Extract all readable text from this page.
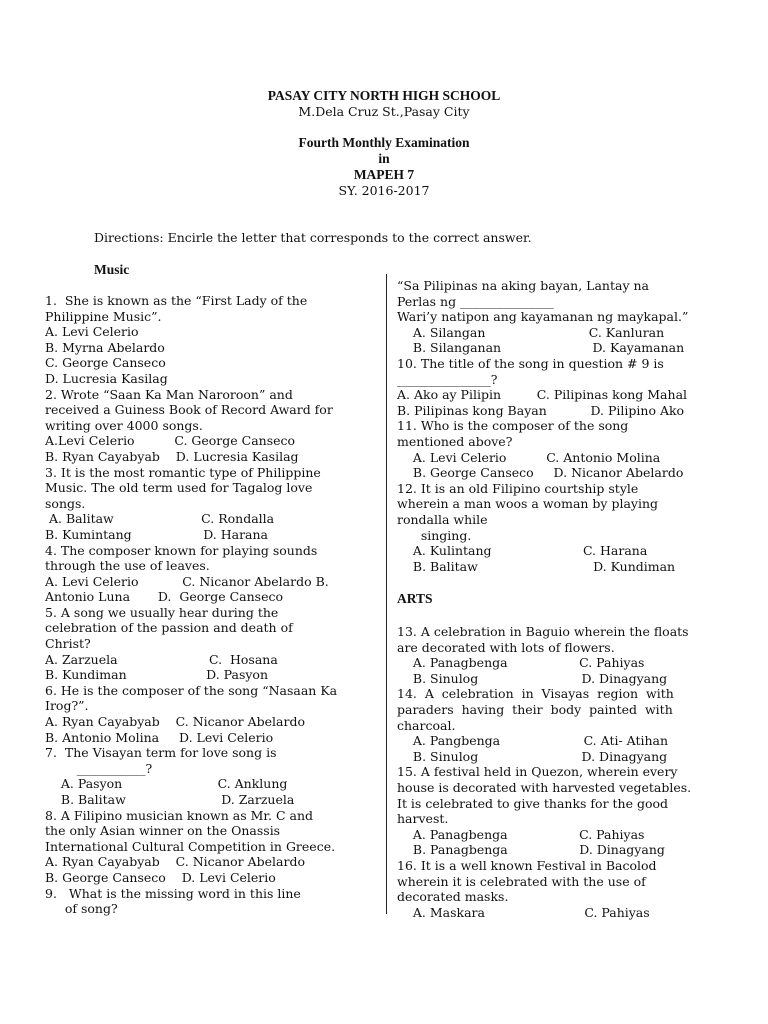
PASAY CITY NORTH HIGH SCHOOL
M.Dela Cruz St.,Pasay City
Fourth Monthly Examination
in
MAPEH 7
SY. 2016-2017
Directions: Encirle the letter that corresponds to the correct answer.
Music
1.  She is known as the “First Lady of the
Philippine Music”.
A. Levi Celerio
B. Myrna Abelardo
C. George Canseco
D. Lucresia Kasilag
2. Wrote “Saan Ka Man Naroroon” and
received a Guiness Book of Record Award for
writing over 4000 songs.
A.Levi Celerio          C. George Canseco
B. Ryan Cayabyab    D. Lucresia Kasilag
3. It is the most romantic type of Philippine
Music. The old term used for Tagalog love
songs.
A. Balitaw                      C. Rondalla
B. Kumintang                  D. Harana
4. The composer known for playing sounds
through the use of leaves.
A. Levi Celerio           C. Nicanor Abelardo B.
Antonio Luna       D.  George Canseco
5. A song we usually hear during the
celebration of the passion and death of
Christ?
A. Zarzuela                       C.  Hosana
B. Kundiman                    D. Pasyon
6. He is the composer of the song “Nasaan Ka
Irog?”.
A. Ryan Cayabyab    C. Nicanor Abelardo
B. Antonio Molina     D. Levi Celerio
7.  The Visayan term for love song is
___________?
A. Pasyon                        C. Anklung
B. Balitaw                        D. Zarzuela
8. A Filipino musician known as Mr. C and
the only Asian winner on the Onassis
International Cultural Competition in Greece.
A. Ryan Cayabyab    C. Nicanor Abelardo
B. George Canseco    D. Levi Celerio
9.   What is the missing word in this line
of song?
“Sa Pilipinas na aking bayan, Lantay na
Perlas ng _______________
Wari’y natipon ang kayamanan ng maykapal.”
A. Silangan                          C. Kanluran
B. Silanganan                       D. Kayamanan
10. The title of the song in question # 9 is
_______________?
A. Ako ay Pilipin         C. Pilipinas kong Mahal
B. Pilipinas kong Bayan           D. Pilipino Ako
11. Who is the composer of the song
mentioned above?
A. Levi Celerio          C. Antonio Molina
B. George Canseco     D. Nicanor Abelardo
12. It is an old Filipino courtship style
wherein a man woos a woman by playing
rondalla while
singing.
A. Kulintang                       C. Harana
B. Balitaw                             D. Kundiman
ARTS
13. A celebration in Baguio wherein the floats
are decorated with lots of flowers.
A. Panagbenga                  C. Pahiyas
B. Sinulog                          D. Dinagyang
14.  A  celebration  in  Visayas  region  with
paraders  having  their  body  painted  with
charcoal.
A. Pangbenga                     C. Ati- Atihan
B. Sinulog                          D. Dinagyang
15. A festival held in Quezon, wherein every
house is decorated with harvested vegetables.
It is celebrated to give thanks for the good
harvest.
A. Panagbenga                  C. Pahiyas
B. Panagbenga                  D. Dinagyang
16. It is a well known Festival in Bacolod
wherein it is celebrated with the use of
decorated masks.
A. Maskara                         C. Pahiyas
